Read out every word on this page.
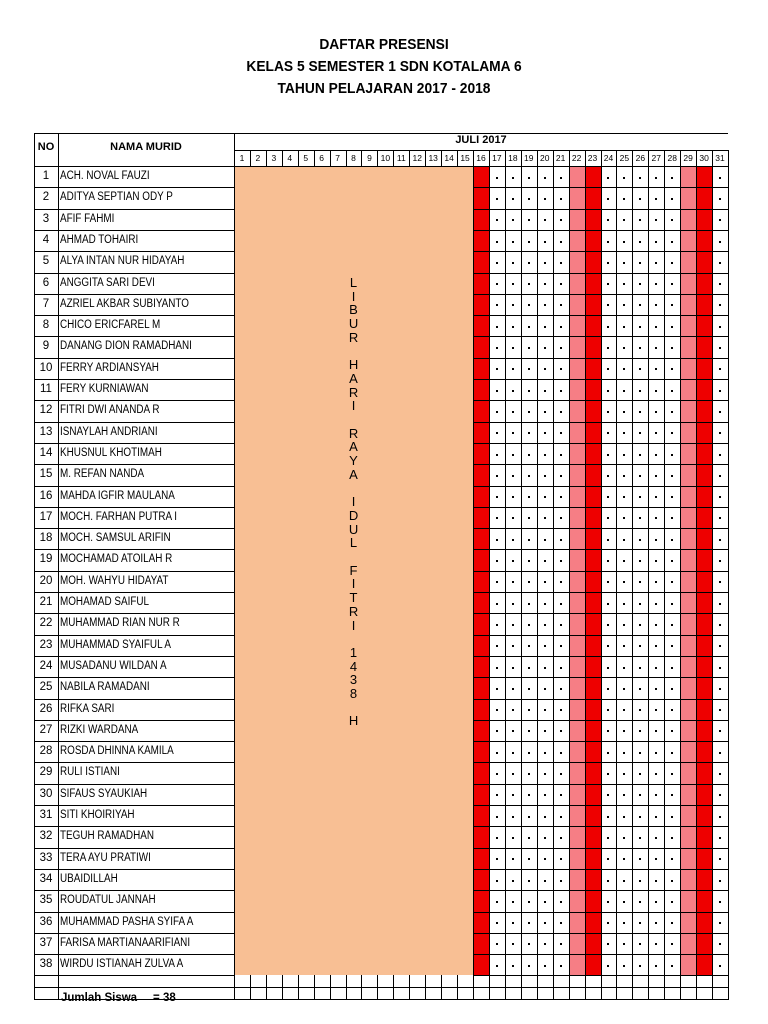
DAFTAR PRESENSI
KELAS 5 SEMESTER 1 SDN KOTALAMA 6
TAHUN PELAJARAN 2017 - 2018
NO	NAMA MURID
JULI 2017
1	2	3	4	5	6	7	8	9	10 11 12 13 14 15 16 17 18 19 20 21 22 23 24 25 26 27 28 29 30 31
1 ACH. NOVAL FAUZI
2 ADITYA SEPTIAN ODY P
3 AFIF FAHMI
4 AHMAD TOHAIRI
5 ALYA INTAN NUR HIDAYAH
6 ANGGITA SARI DEVI
7 AZRIEL AKBAR SUBIYANTO
8 CHICO ERICFAREL M
9 DANANG DION RAMADHANI
10 FERRY ARDIANSYAH
11 FERY KURNIAWAN
12 FITRI DWI ANANDA R
13 ISNAYLAH ANDRIANI
14 KHUSNUL KHOTIMAH
15 M. REFAN NANDA
16 MAHDA IGFIR MAULANA
17 MOCH. FARHAN PUTRA I
18 MOCH. SAMSUL ARIFIN
19 MOCHAMAD ATOILAH R
20 MOH. WAHYU HIDAYAT
21 MOHAMAD SAIFUL
22 MUHAMMAD RIAN NUR R
23 MUHAMMAD SYAIFUL A
24 MUSADANU WILDAN A
25 NABILA RAMADANI
26 RIFKA SARI
27 RIZKI WARDANA
28 ROSDA DHINNA KAMILA
29 RULI ISTIANI
30 SIFAUS SYAUKIAH
31 SITI KHOIRIYAH
32 TEGUH RAMADHAN
33 TERA AYU PRATIWI
34 UBAIDILLAH
35 ROUDATUL JANNAH
36 MUHAMMAD PASHA SYIFA A
37 FARISA MARTIANAARIFIANI
38 WIRDU ISTIANAH ZULVA A
L
I
B
U
R
H
A
R
I
R
A
Y
A
I
D
U
L
F
I
T
R
I
1
4
3
8
H
Jumlah Siswa     = 38
